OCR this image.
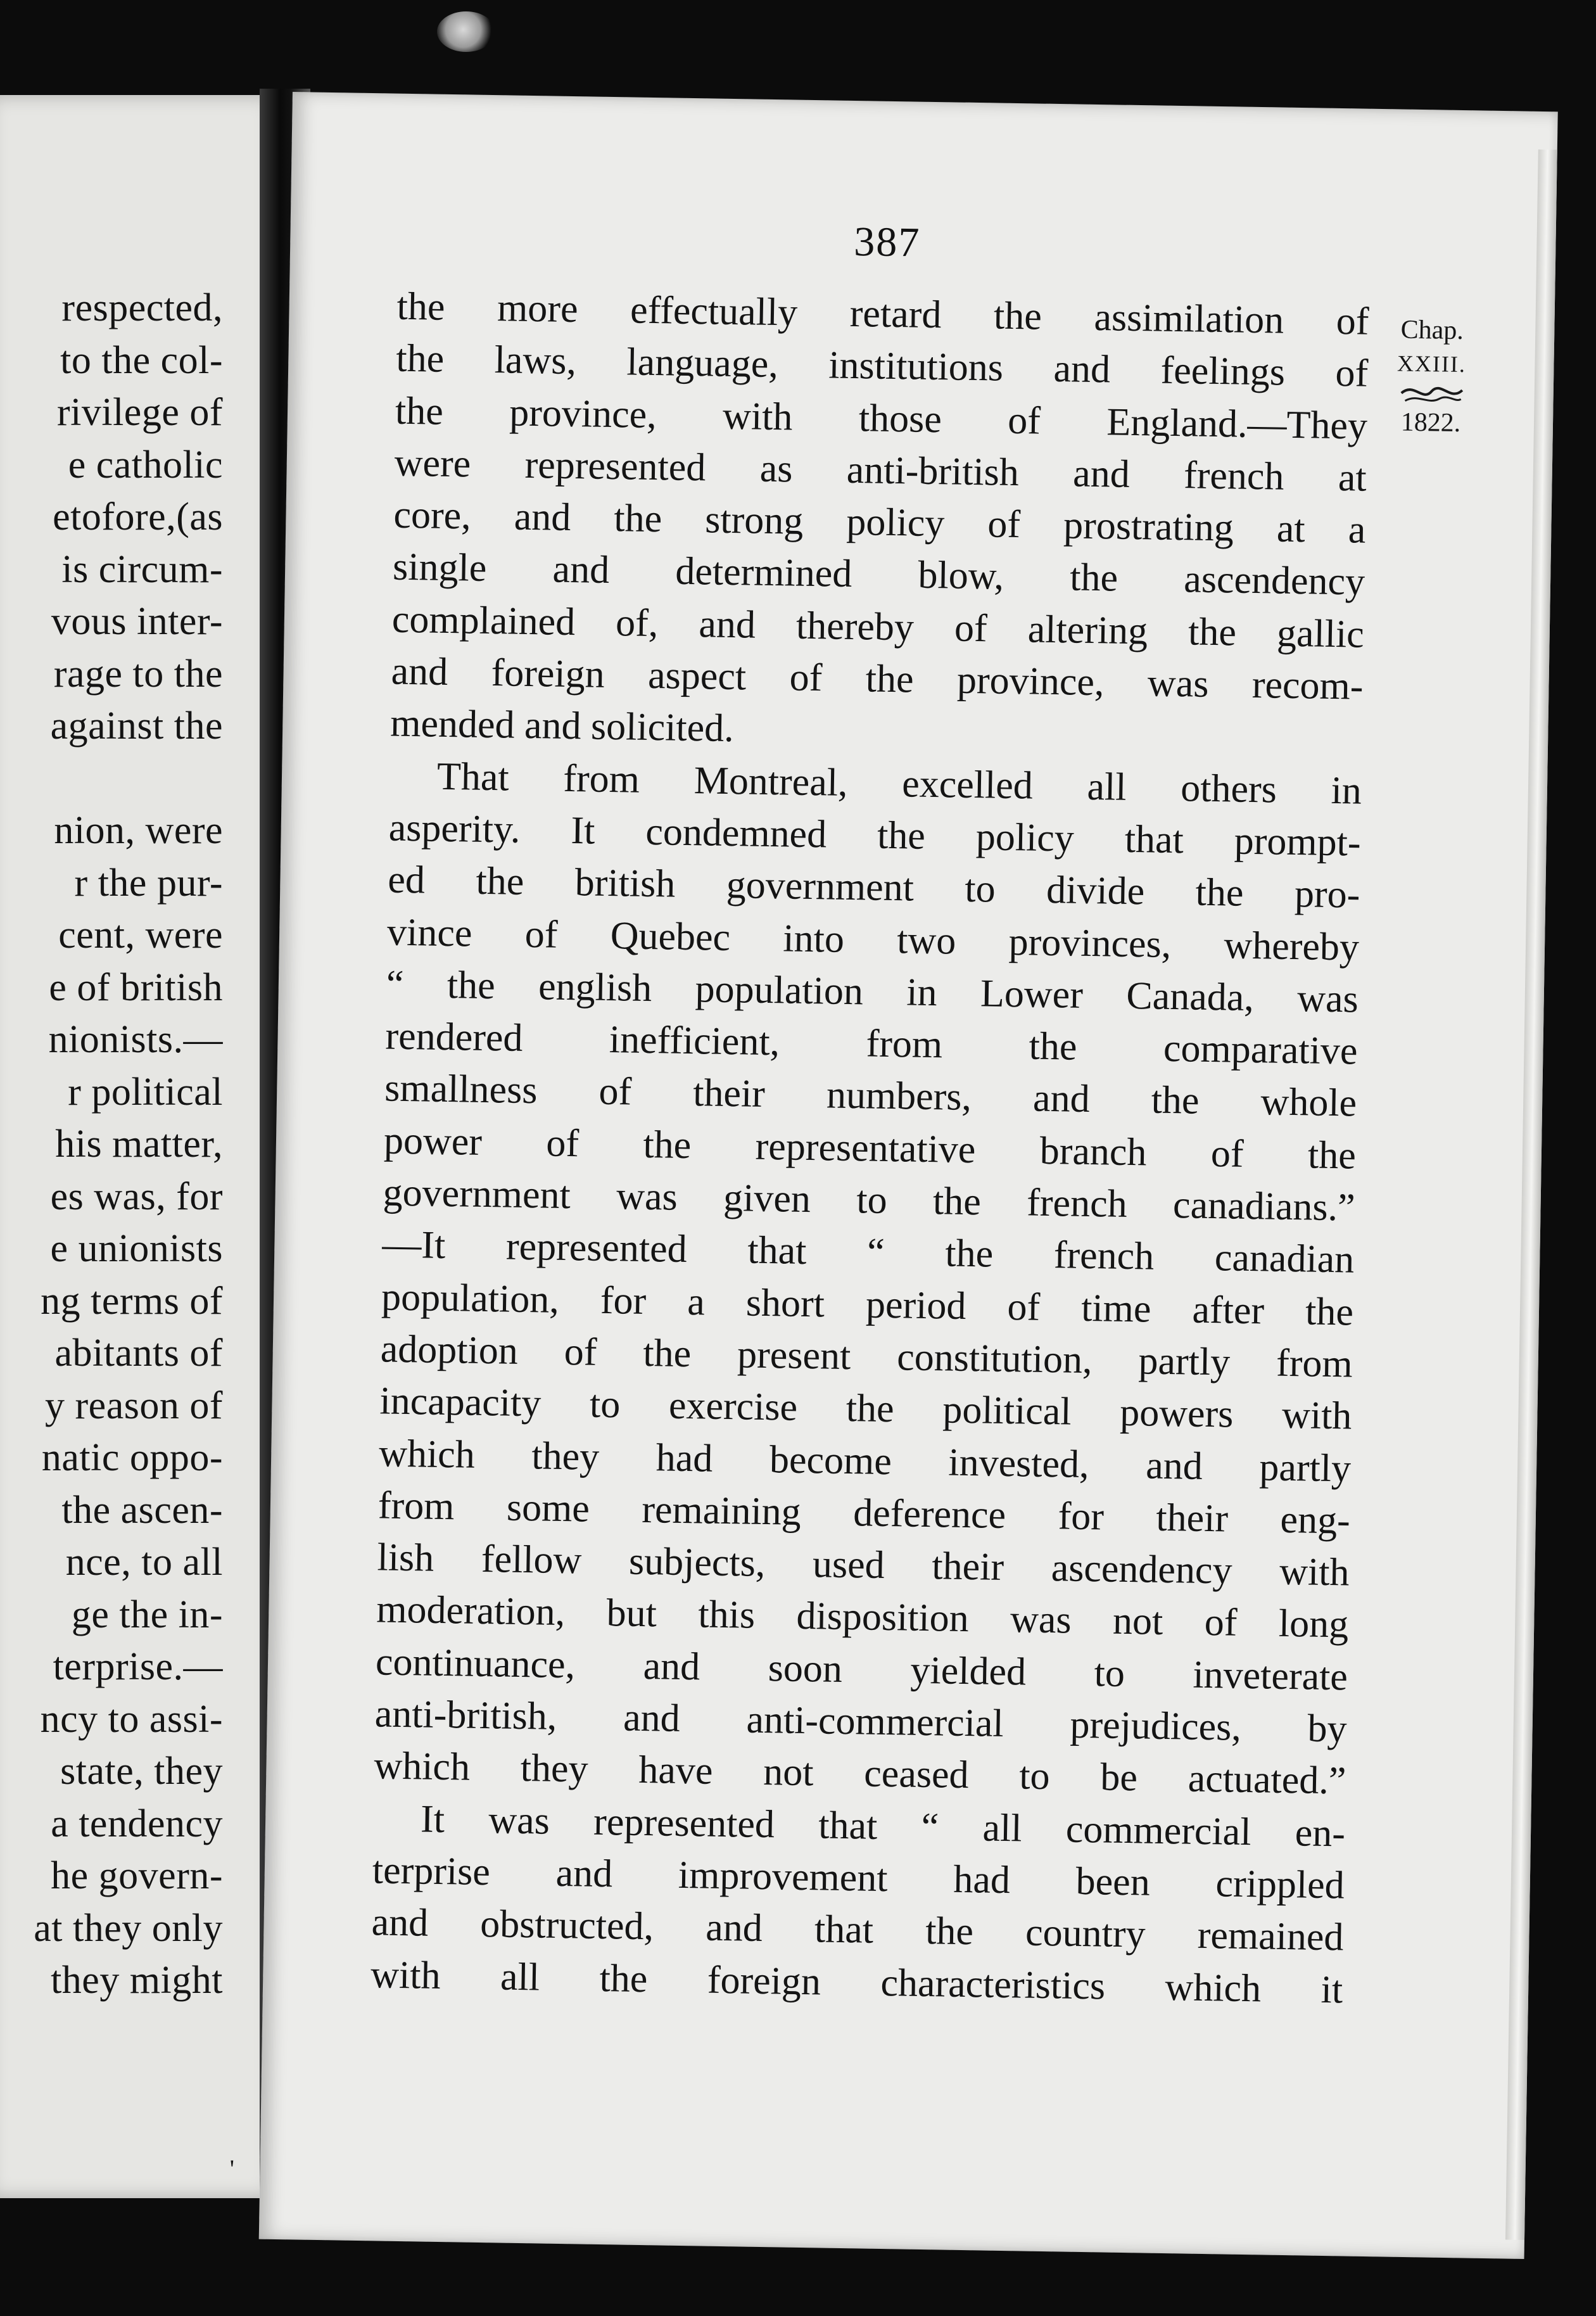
respected,
to the col-
rivilege of
e catholic
etofore,(as
is circum-
vous inter-
rage to the
against the
nion, were
r the pur-
cent, were
e of british
nionists.—
r political
his matter,
es was, for
e unionists
ng terms of
abitants of
y reason of
natic oppo-
the ascen-
nce, to all
ge the in-
terprise.—
ncy to assi-
state, they
a tendency
he govern-
at they only
they might
'
387
Chap.
XXIII.
1822.
the more effectually retard the assimilation of
the laws, language, institutions and feelings of
the province, with those of England.—They
were represented as anti-british and french at
core, and the strong policy of prostrating at a
single and determined blow, the ascendency
complained of, and thereby of altering the gallic
and foreign aspect of the province, was recom-
mended and solicited.
That from Montreal, excelled all others in
asperity. It condemned the policy that prompt-
ed the british government to divide the pro-
vince of Quebec into two provinces, whereby
“ the english population in Lower Canada, was
rendered inefficient, from the comparative
smallness of their numbers, and the whole
power of the representative branch of the
government was given to the french canadians.”
—It represented that “ the french canadian
population, for a short period of time after the
adoption of the present constitution, partly from
incapacity to exercise the political powers with
which they had become invested, and partly
from some remaining deference for their eng-
lish fellow subjects, used their ascendency with
moderation, but this disposition was not of long
continuance, and soon yielded to inveterate
anti-british, and anti-commercial prejudices, by
which they have not ceased to be actuated.”
It was represented that “ all commercial en-
terprise and improvement had been crippled
and obstructed, and that the country remained
with all the foreign characteristics which it
